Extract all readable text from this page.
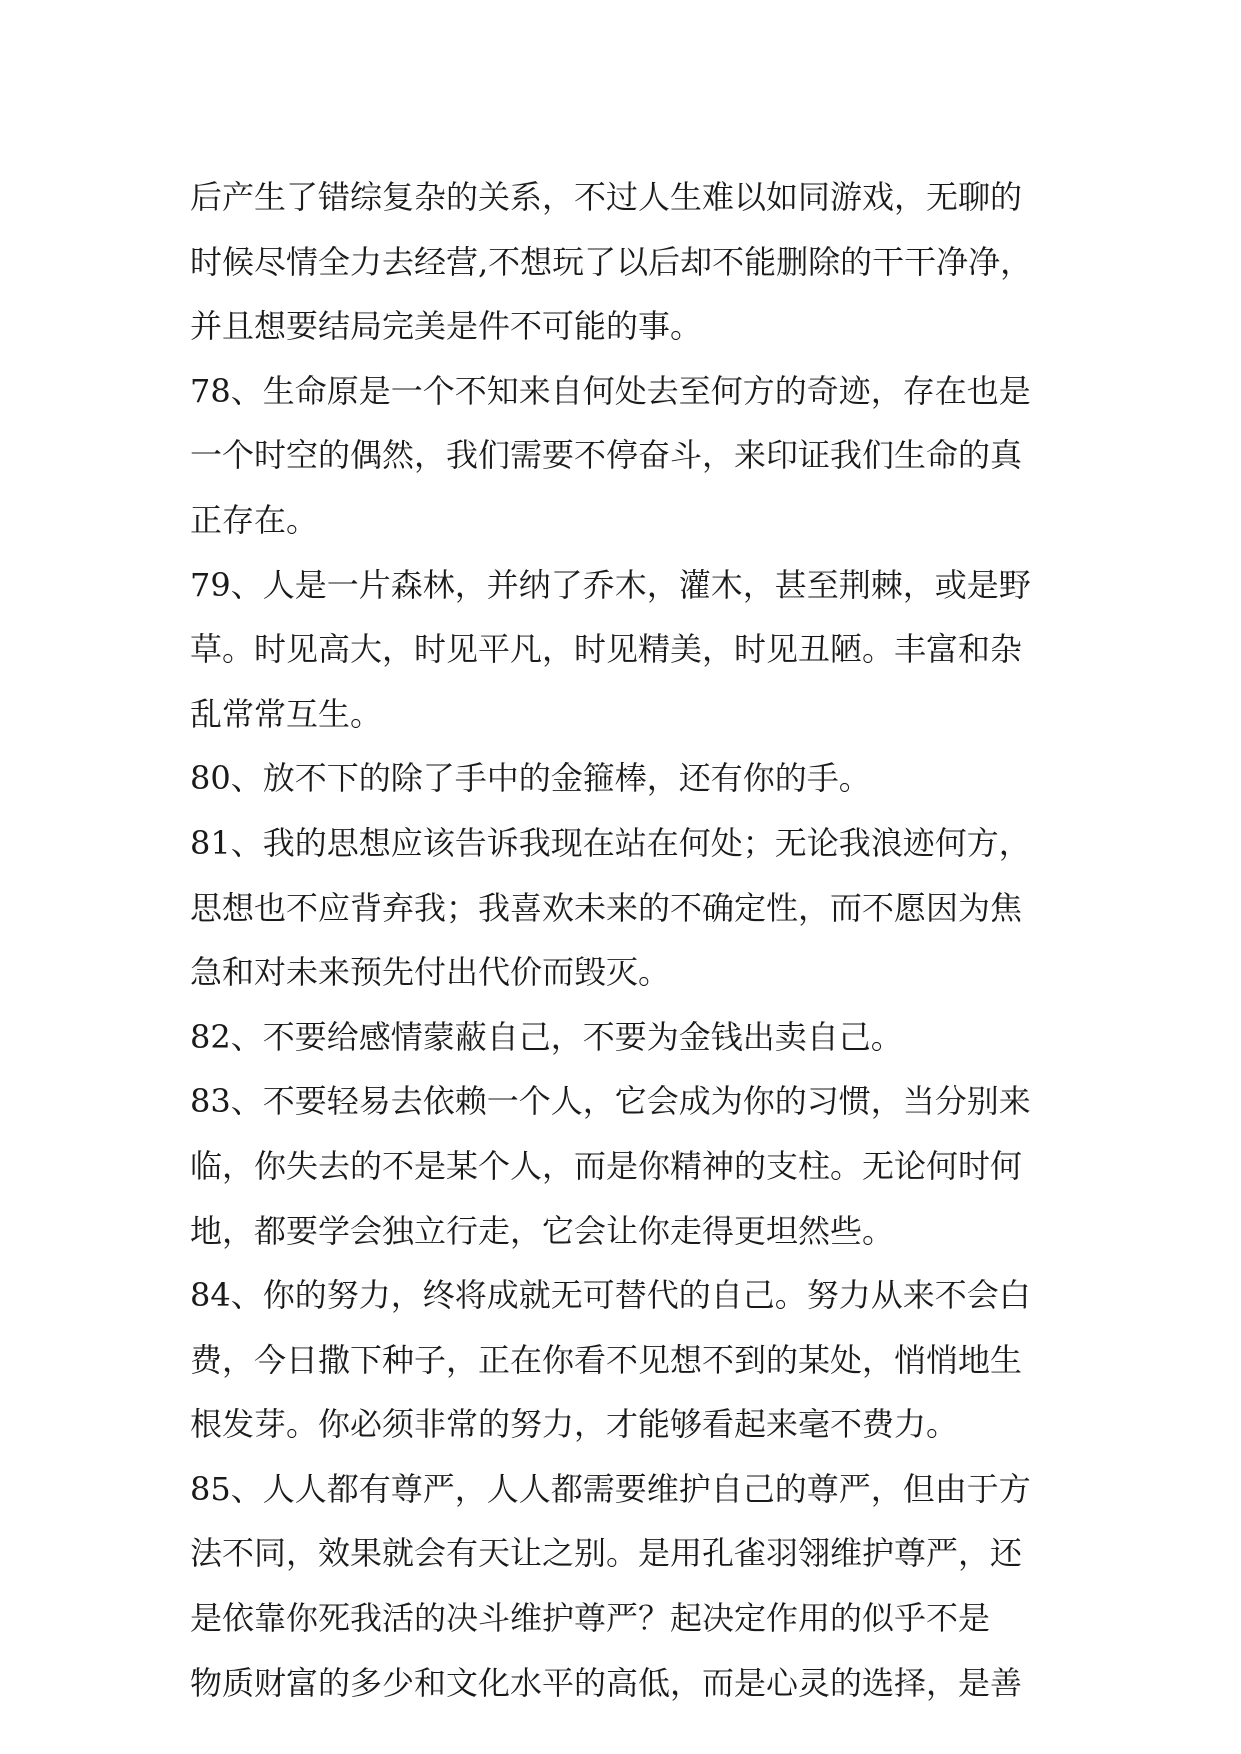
后产生了错综复杂的关系，不过人生难以如同游戏，无聊的
时候尽情全力去经营,不想玩了以后却不能删除的干干净净，
并且想要结局完美是件不可能的事。
78、生命原是一个不知来自何处去至何方的奇迹，存在也是
一个时空的偶然，我们需要不停奋斗，来印证我们生命的真
正存在。
79、人是一片森林，并纳了乔木，灌木，甚至荆棘，或是野
草。时见高大，时见平凡，时见精美，时见丑陋。丰富和杂
乱常常互生。
80、放不下的除了手中的金箍棒，还有你的手。
81、我的思想应该告诉我现在站在何处；无论我浪迹何方，
思想也不应背弃我；我喜欢未来的不确定性，而不愿因为焦
急和对未来预先付出代价而毁灭。
82、不要给感情蒙蔽自己，不要为金钱出卖自己。
83、不要轻易去依赖一个人，它会成为你的习惯，当分别来
临，你失去的不是某个人，而是你精神的支柱。无论何时何
地，都要学会独立行走，它会让你走得更坦然些。
84、你的努力，终将成就无可替代的自己。努力从来不会白
费，今日撒下种子，正在你看不见想不到的某处，悄悄地生
根发芽。你必须非常的努力，才能够看起来毫不费力。
85、人人都有尊严，人人都需要维护自己的尊严，但由于方
法不同，效果就会有天让之别。是用孔雀羽翎维护尊严，还
是依靠你死我活的决斗维护尊严？起决定作用的似乎不是
物质财富的多少和文化水平的高低，而是心灵的选择，是善
